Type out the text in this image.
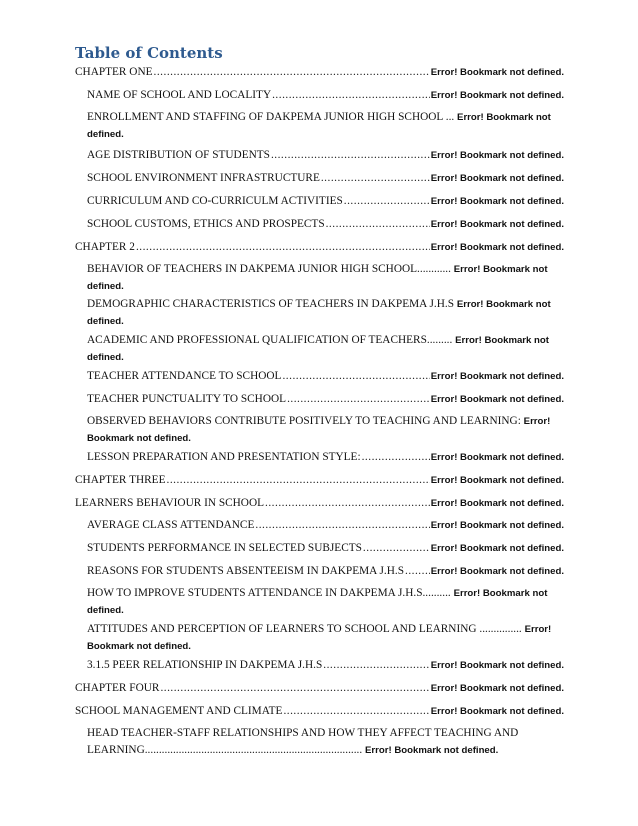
Table of Contents
CHAPTER ONE .....	Error! Bookmark not defined.
NAME OF SCHOOL AND LOCALITY .....	Error! Bookmark not defined.
ENROLLMENT AND STAFFING OF DAKPEMA JUNIOR HIGH SCHOOL ... Error! Bookmark not defined.
AGE DISTRIBUTION OF STUDENTS .....	Error! Bookmark not defined.
SCHOOL ENVIRONMENT INFRASTRUCTURE .....	Error! Bookmark not defined.
CURRICULUM AND CO-CURRICULM ACTIVITIES .....	Error! Bookmark not defined.
SCHOOL CUSTOMS, ETHICS AND PROSPECTS .....	Error! Bookmark not defined.
CHAPTER 2 .....	Error! Bookmark not defined.
BEHAVIOR OF TEACHERS IN DAKPEMA JUNIOR HIGH SCHOOL............ Error! Bookmark not defined.
DEMOGRAPHIC CHARACTERISTICS OF TEACHERS IN DAKPEMA J.H.S Error! Bookmark not defined.
ACADEMIC AND PROFESSIONAL QUALIFICATION OF TEACHERS......... Error! Bookmark not defined.
TEACHER ATTENDANCE TO SCHOOL .....	Error! Bookmark not defined.
TEACHER PUNCTUALITY TO SCHOOL .....	Error! Bookmark not defined.
OBSERVED BEHAVIORS CONTRIBUTE POSITIVELY TO TEACHING AND LEARNING: Error! Bookmark not defined.
LESSON PREPARATION AND PRESENTATION STYLE: .....	Error! Bookmark not defined.
CHAPTER THREE .....	Error! Bookmark not defined.
LEARNERS BEHAVIOUR IN SCHOOL .....	Error! Bookmark not defined.
AVERAGE CLASS ATTENDANCE .....	Error! Bookmark not defined.
STUDENTS PERFORMANCE IN SELECTED SUBJECTS .....	Error! Bookmark not defined.
REASONS FOR STUDENTS ABSENTEEISM IN DAKPEMA J.H.S .....	Error! Bookmark not defined.
HOW TO IMPROVE STUDENTS ATTENDANCE IN DAKPEMA J.H.S.......... Error! Bookmark not defined.
ATTITUDES AND PERCEPTION OF LEARNERS TO SCHOOL AND LEARNING ............... Error! Bookmark not defined.
3.1.5 PEER RELATIONSHIP IN DAKPEMA J.H.S .....	Error! Bookmark not defined.
CHAPTER FOUR .....	Error! Bookmark not defined.
SCHOOL MANAGEMENT AND CLIMATE .....	Error! Bookmark not defined.
HEAD TEACHER-STAFF RELATIONSHIPS AND HOW THEY AFFECT TEACHING AND LEARNING............................................................................. Error! Bookmark not defined.
